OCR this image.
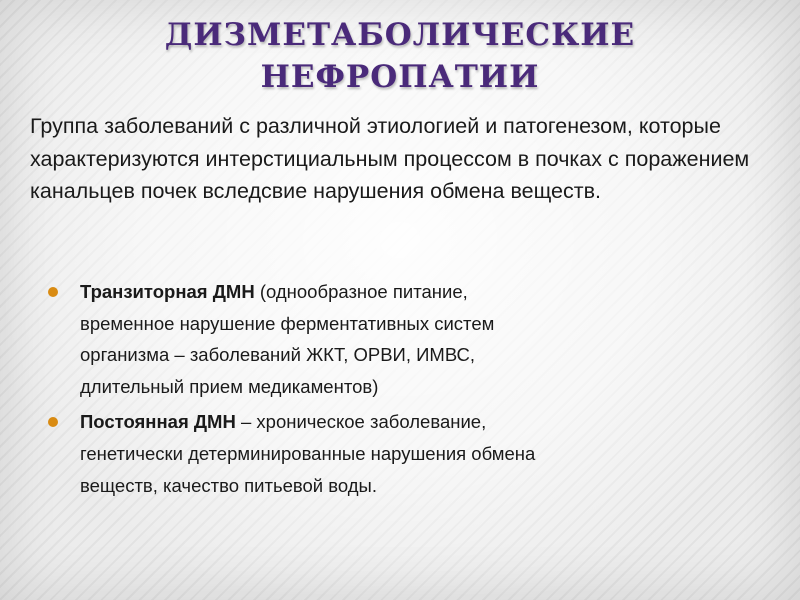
ДИЗМЕТАБОЛИЧЕСКИЕ
НЕФРОПАТИИ

Группа заболеваний с различной этиологией и патогенезом, которые характеризуются интерстициальным процессом в почках с поражением канальцев почек вследсвие нарушения обмена веществ.

Транзиторная ДМН (однообразное питание, временное нарушение ферментативных систем организма – заболеваний ЖКТ, ОРВИ, ИМВС, длительный прием медикаментов)
Постоянная ДМН – хроническое заболевание, генетически детерминированные нарушения обмена веществ, качество питьевой воды.
